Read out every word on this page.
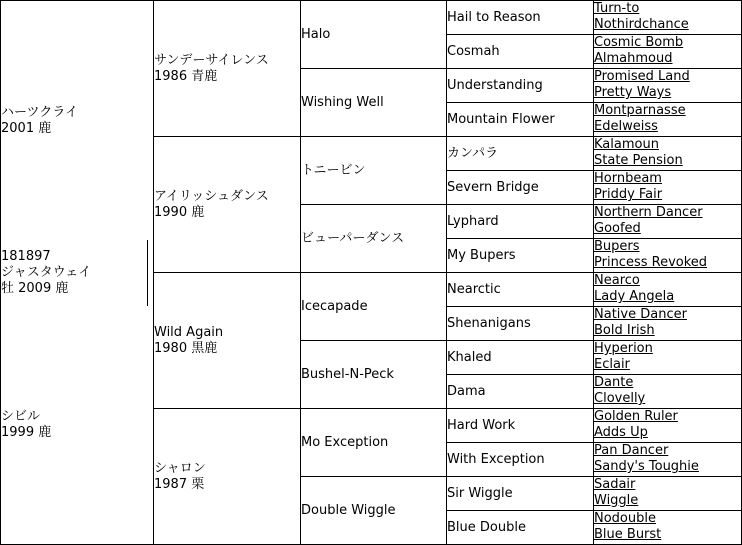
181897
ジャスタウェイ
牡 2009 鹿
ハーツクライ
2001 鹿
シビル
1999 鹿
サンデーサイレンス
1986 青鹿
アイリッシュダンス
1990 鹿
Wild Again
1980 黒鹿
シャロン
1987 栗
Halo
Wishing Well
トニービン
ビューパーダンス
Icecapade
Bushel-N-Peck
Mo Exception
Double Wiggle
Hail to Reason
Cosmah
Understanding
Mountain Flower
カンパラ
Severn Bridge
Lyphard
My Bupers
Nearctic
Shenanigans
Khaled
Dama
Hard Work
With Exception
Sir Wiggle
Blue Double
Turn-to
Nothirdchance
Cosmic Bomb
Almahmoud
Promised Land
Pretty Ways
Montparnasse
Edelweiss
Kalamoun
State Pension
Hornbeam
Priddy Fair
Northern Dancer
Goofed
Bupers
Princess Revoked
Nearco
Lady Angela
Native Dancer
Bold Irish
Hyperion
Eclair
Dante
Clovelly
Golden Ruler
Adds Up
Pan Dancer
Sandy's Toughie
Sadair
Wiggle
Nodouble
Blue Burst
